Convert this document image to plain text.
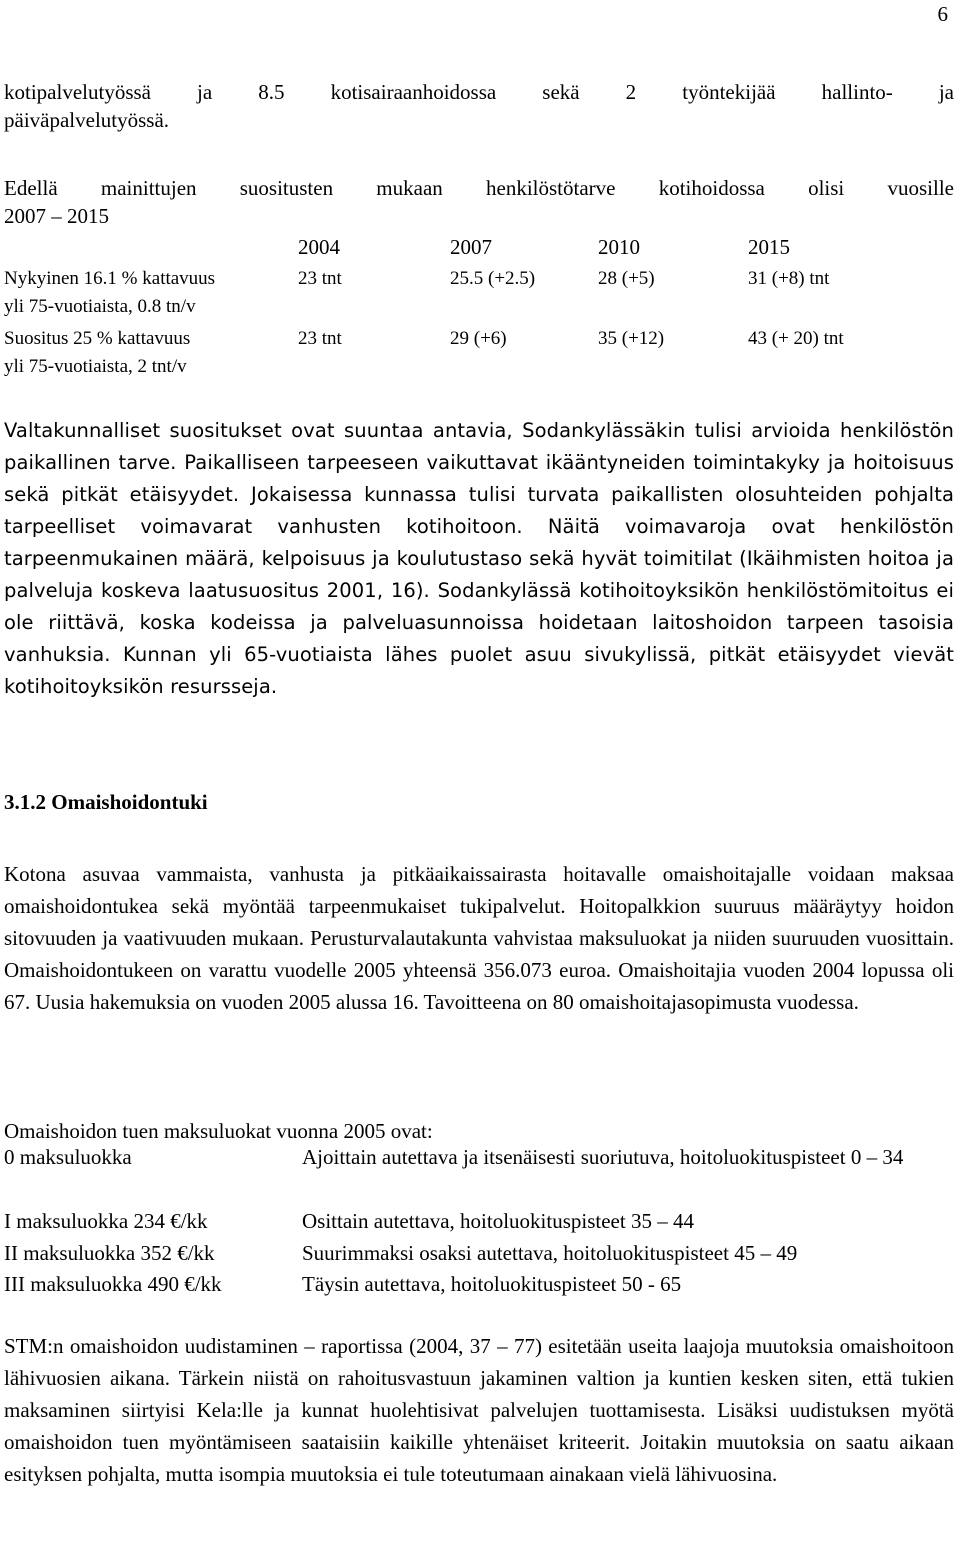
6
kotipalvelutyössä ja 8.5 kotisairaanhoidossa sekä 2 työntekijää hallinto- ja
päiväpalvelutyössä.
Edellä mainittujen suositusten mukaan henkilöstötarve kotihoidossa olisi vuosille
2007 – 2015
2004	2007	2010	2015
Nykyinen 16.1 % kattavuus
yli 75-vuotiaista, 0.8 tn/v
23 tnt	25.5 (+2.5)	28 (+5)	31 (+8) tnt
Suositus 25 % kattavuus
yli 75-vuotiaista, 2 tnt/v
23 tnt	29 (+6)	35 (+12)	43 (+ 20) tnt
Valtakunnalliset suositukset ovat suuntaa antavia, Sodankylässäkin tulisi arvioida henkilöstön paikallinen tarve. Paikalliseen tarpeeseen vaikuttavat ikääntyneiden toimintakyky ja hoitoisuus sekä pitkät etäisyydet. Jokaisessa kunnassa tulisi turvata paikallisten olosuhteiden pohjalta tarpeelliset voimavarat vanhusten kotihoitoon. Näitä voimavaroja ovat henkilöstön tarpeenmukainen määrä, kelpoisuus ja koulutustaso sekä hyvät toimitilat (Ikäihmisten hoitoa ja palveluja koskeva laatusuositus 2001, 16). Sodankylässä kotihoitoyksikön henkilöstömitoitus ei ole riittävä, koska kodeissa ja palveluasunnoissa hoidetaan laitoshoidon tarpeen tasoisia vanhuksia. Kunnan yli 65-vuotiaista lähes puolet asuu sivukylissä, pitkät etäisyydet vievät kotihoitoyksikön resursseja.
3.1.2 Omaishoidontuki
Kotona asuvaa vammaista, vanhusta ja pitkäaikaissairasta hoitavalle omaishoitajalle voidaan maksaa omaishoidontukea sekä myöntää tarpeenmukaiset tukipalvelut. Hoitopalkkion suuruus määräytyy hoidon sitovuuden ja vaativuuden mukaan. Perusturvalautakunta vahvistaa maksuluokat ja niiden suuruuden vuosittain. Omaishoidontukeen on varattu vuodelle 2005 yhteensä 356.073 euroa. Omaishoitajia vuoden 2004 lopussa oli 67. Uusia hakemuksia on vuoden 2005 alussa 16. Tavoitteena on 80 omaishoitajasopimusta vuodessa.
Omaishoidon tuen maksuluokat vuonna 2005 ovat:
0 maksuluokka	Ajoittain autettava ja itsenäisesti suoriutuva, hoitoluokituspisteet 0 – 34
I maksuluokka 234 €/kk	Osittain autettava, hoitoluokituspisteet 35 – 44
II maksuluokka 352 €/kk	Suurimmaksi osaksi autettava, hoitoluokituspisteet 45 – 49
III maksuluokka 490 €/kk	Täysin autettava, hoitoluokituspisteet 50 - 65
STM:n omaishoidon uudistaminen – raportissa (2004, 37 – 77) esitetään useita laajoja muutoksia omaishoitoon lähivuosien aikana. Tärkein niistä on rahoitusvastuun jakaminen valtion ja kuntien kesken siten, että tukien maksaminen siirtyisi Kela:lle ja kunnat huolehtisivat palvelujen tuottamisesta. Lisäksi uudistuksen myötä omaishoidon tuen myöntämiseen saataisiin kaikille yhtenäiset kriteerit. Joitakin muutoksia on saatu aikaan esityksen pohjalta, mutta isompia muutoksia ei tule toteutumaan ainakaan vielä lähivuosina.
